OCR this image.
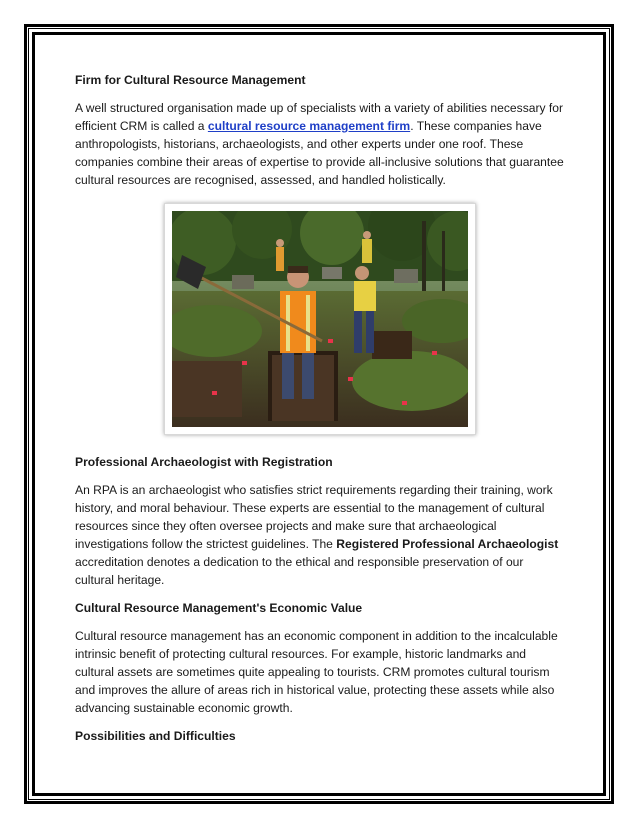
Firm for Cultural Resource Management

A well structured organisation made up of specialists with a variety of abilities necessary for efficient CRM is called a cultural resource management firm. These companies have anthropologists, historians, archaeologists, and other experts under one roof. These companies combine their areas of expertise to provide all-inclusive solutions that guarantee cultural resources are recognised, assessed, and handled holistically.

Professional Archaeologist with Registration

An RPA is an archaeologist who satisfies strict requirements regarding their training, work history, and moral behaviour. These experts are essential to the management of cultural resources since they often oversee projects and make sure that archaeological investigations follow the strictest guidelines. The Registered Professional Archaeologist accreditation denotes a dedication to the ethical and responsible preservation of our cultural heritage.

Cultural Resource Management's Economic Value

Cultural resource management has an economic component in addition to the incalculable intrinsic benefit of protecting cultural resources. For example, historic landmarks and cultural assets are sometimes quite appealing to tourists. CRM promotes cultural tourism and improves the allure of areas rich in historical value, protecting these assets while also advancing sustainable economic growth.

Possibilities and Difficulties
